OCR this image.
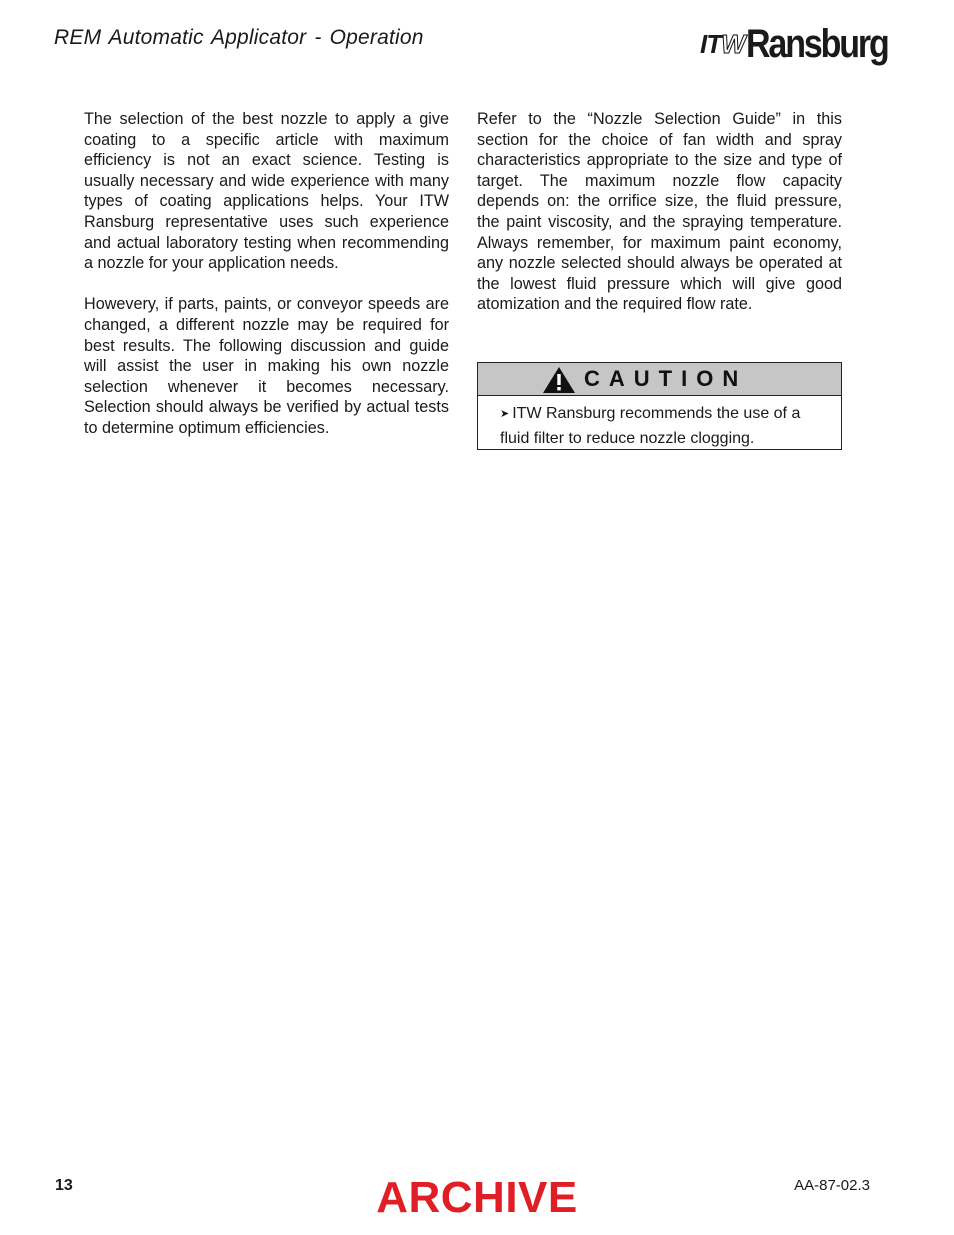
REM Automatic Applicator - Operation	ITW Ransburg

The selection of the best nozzle to apply a give coating to a specific article with maximum efficiency is not an exact science. Testing is usually necessary and wide experience with many types of coating applications helps. Your ITW Ransburg representative uses such experience and actual laboratory testing when recommending a nozzle for your application needs.

Howevery, if parts, paints, or conveyor speeds are changed, a different nozzle may be required for best results. The following discussion and guide will assist the user in making his own nozzle selection whenever it becomes necessary. Selection should always be verified by actual tests to determine optimum efficiencies.

Refer to the “Nozzle Selection Guide” in this section for the choice of fan width and spray characteristics appropriate to the size and type of target. The maximum nozzle flow capacity depends on: the orrifice size, the fluid pressure, the paint viscosity, and the spraying temperature. Always remember, for maximum paint economy, any nozzle selected should always be operated at the lowest fluid pressure which will give good atomization and the required flow rate.

CAUTION
➤ ITW Ransburg recommends the use of a fluid filter to reduce nozzle clogging.
13	ARCHIVE	AA-87-02.3
